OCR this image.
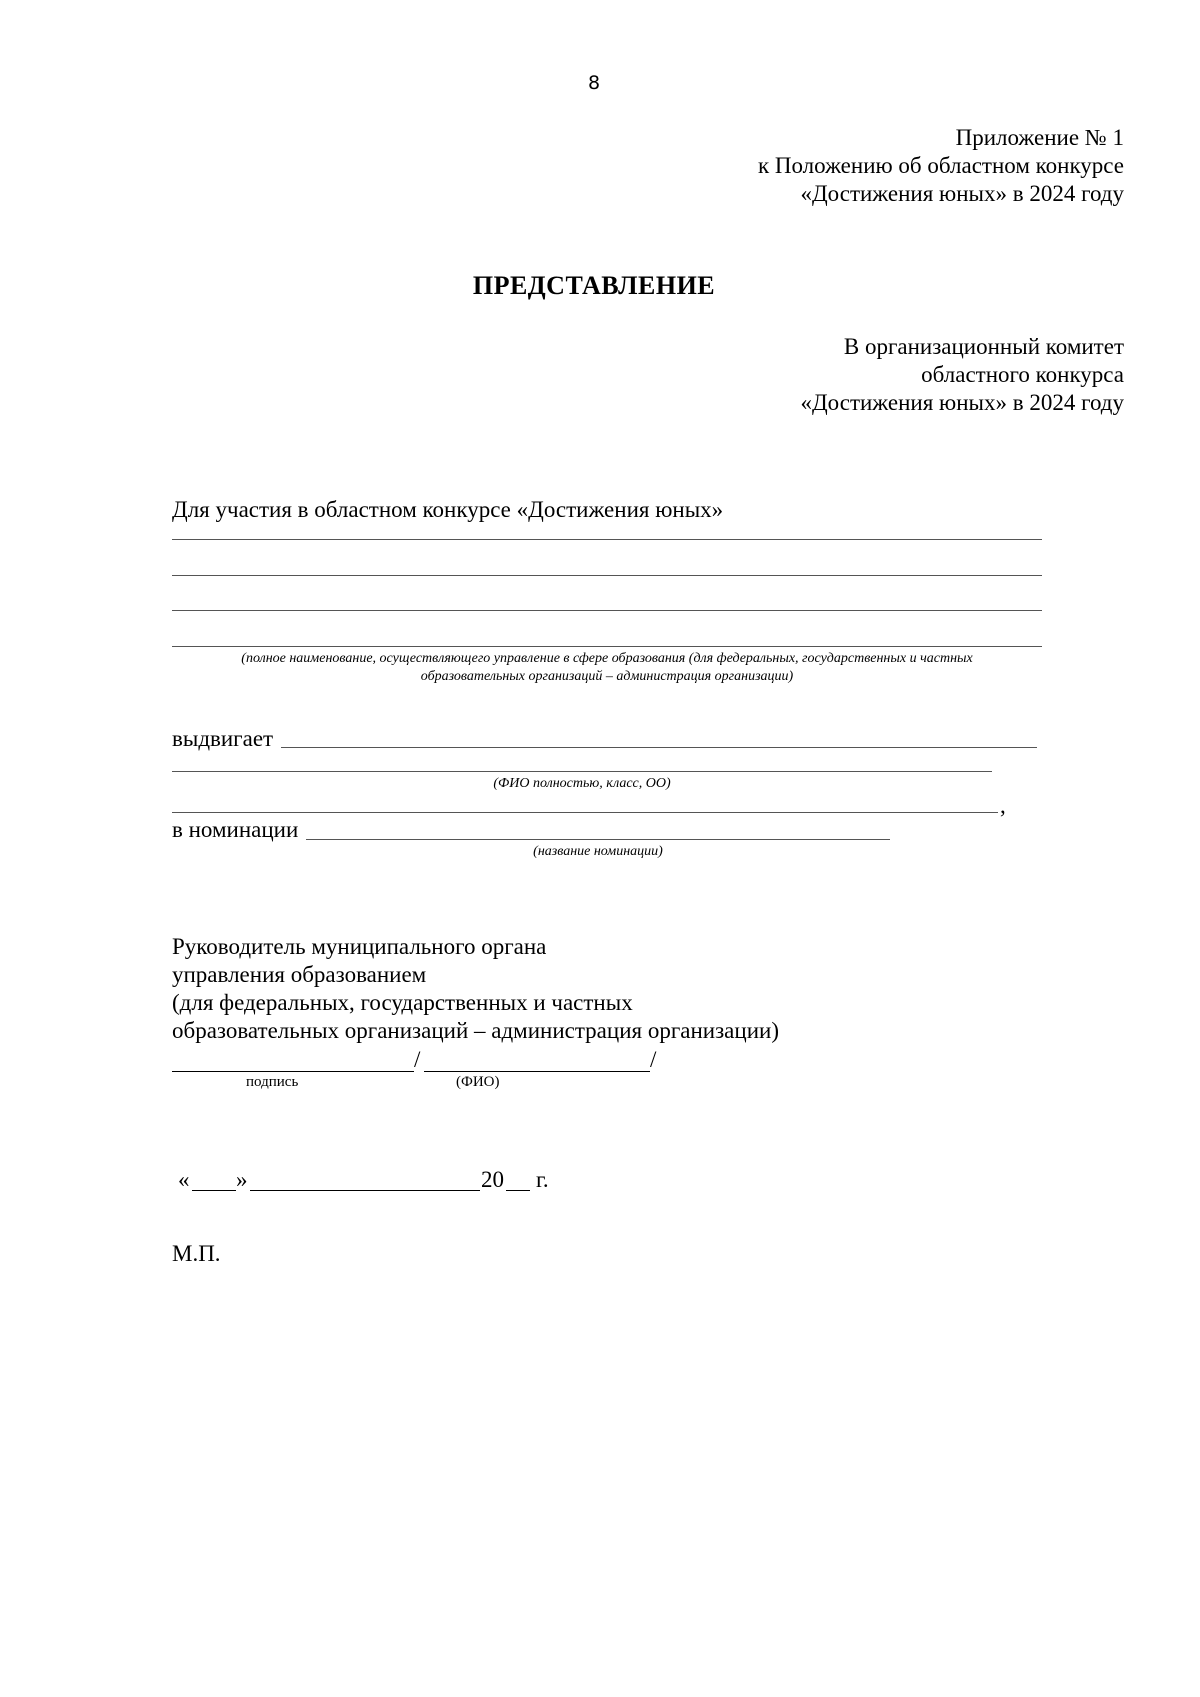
8
Приложение № 1
к Положению об областном конкурсе
«Достижения юных» в 2024 году
ПРЕДСТАВЛЕНИЕ
В организационный комитет
областного конкурса
«Достижения юных» в 2024 году
Для участия в областном конкурсе «Достижения юных»
(полное наименование, осуществляющего управление в сфере образования (для федеральных, государственных и частных
образовательных организаций – администрация организации)
выдвигает
(ФИО полностью, класс, ОО)
,
в номинации
(название номинации)
Руководитель муниципального органа
управления образованием
(для федеральных, государственных и частных
образовательных организаций – администрация организации)
/	/
подпись	(ФИО)
« »	20 г.
М.П.
